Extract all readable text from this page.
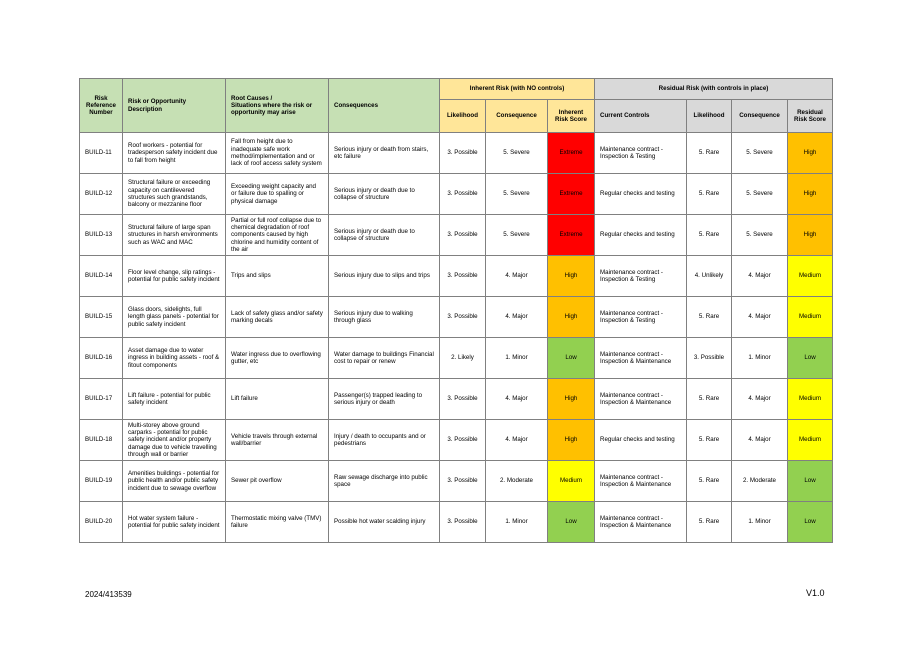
Risk Reference Number	Risk or Opportunity Description	Root Causes /
Situations where the risk or opportunity may arise	Consequences	Inherent Risk (with NO controls)			Residual Risk (with controls in place)			
				Likelihood	Consequence	Inherent Risk Score	Current Controls	Likelihood	Consequence	Residual Risk Score
BUILD-11	Roof workers - potential for tradesperson safety incident due to fall from height	Fall from height due to inadequate safe work method/implementation and or lack of roof access safety system	Serious injury or death from stairs, etc failure	3. Possible	5. Severe	Extreme	Maintenance contract - Inspection & Testing	5. Rare	5. Severe	High
BUILD-12	Structural failure or exceeding capacity on cantilevered structures such grandstands, balcony or mezzanine floor	Exceeding weight capacity and or failure due to spalling or physical damage	Serious injury or death due to collapse of structure	3. Possible	5. Severe	Extreme	Regular checks and testing	5. Rare	5. Severe	High
BUILD-13	Structural failure of large span structures in harsh environments such as WAC and MAC	Partial or full roof collapse due to chemical degradation of roof components caused by high chlorine and humidity content of the air	Serious injury or death due to collapse of structure	3. Possible	5. Severe	Extreme	Regular checks and testing	5. Rare	5. Severe	High
BUILD-14	Floor level change, slip ratings - potential for public safety incident	Trips and slips	Serious injury due to slips and trips	3. Possible	4. Major	High	Maintenance contract - Inspection & Testing	4. Unlikely	4. Major	Medium
BUILD-15	Glass doors, sidelights, full length glass panels - potential for public safety incident	Lack of safety glass and/or safety marking decals	Serious injury due to walking through glass	3. Possible	4. Major	High	Maintenance contract - Inspection & Testing	5. Rare	4. Major	Medium
BUILD-16	Asset damage due to water ingress in building assets - roof & fitout components	Water ingress due to overflowing gutter, etc	Water damage to buildings Financial cost to repair or renew	2. Likely	1. Minor	Low	Maintenance contract - Inspection & Maintenance	3. Possible	1. Minor	Low
BUILD-17	Lift failure - potential for public safety incident	Lift failure	Passenger(s) trapped leading to serious injury or death	3. Possible	4. Major	High	Maintenance contract - Inspection & Maintenance	5. Rare	4. Major	Medium
BUILD-18	Multi-storey above ground carparks - potential for public safety incident and/or property damage due to vehicle travelling through wall or barrier	Vehicle travels through external wall/barrier	Injury / death to occupants and or pedestrians	3. Possible	4. Major	High	Regular checks and testing	5. Rare	4. Major	Medium
BUILD-19	Amenities buildings - potential for public health and/or public safety incident due to sewage overflow	Sewer pit overflow	Raw sewage discharge into public space	3. Possible	2. Moderate	Medium	Maintenance contract - Inspection & Maintenance	5. Rare	2. Moderate	Low
BUILD-20	Hot water system failure - potential for public safety incident	Thermostatic mixing valve (TMV) failure	Possible hot water scalding injury	3. Possible	1. Minor	Low	Maintenance contract - Inspection & Maintenance	5. Rare	1. Minor	Low
2024/413539	V1.0
